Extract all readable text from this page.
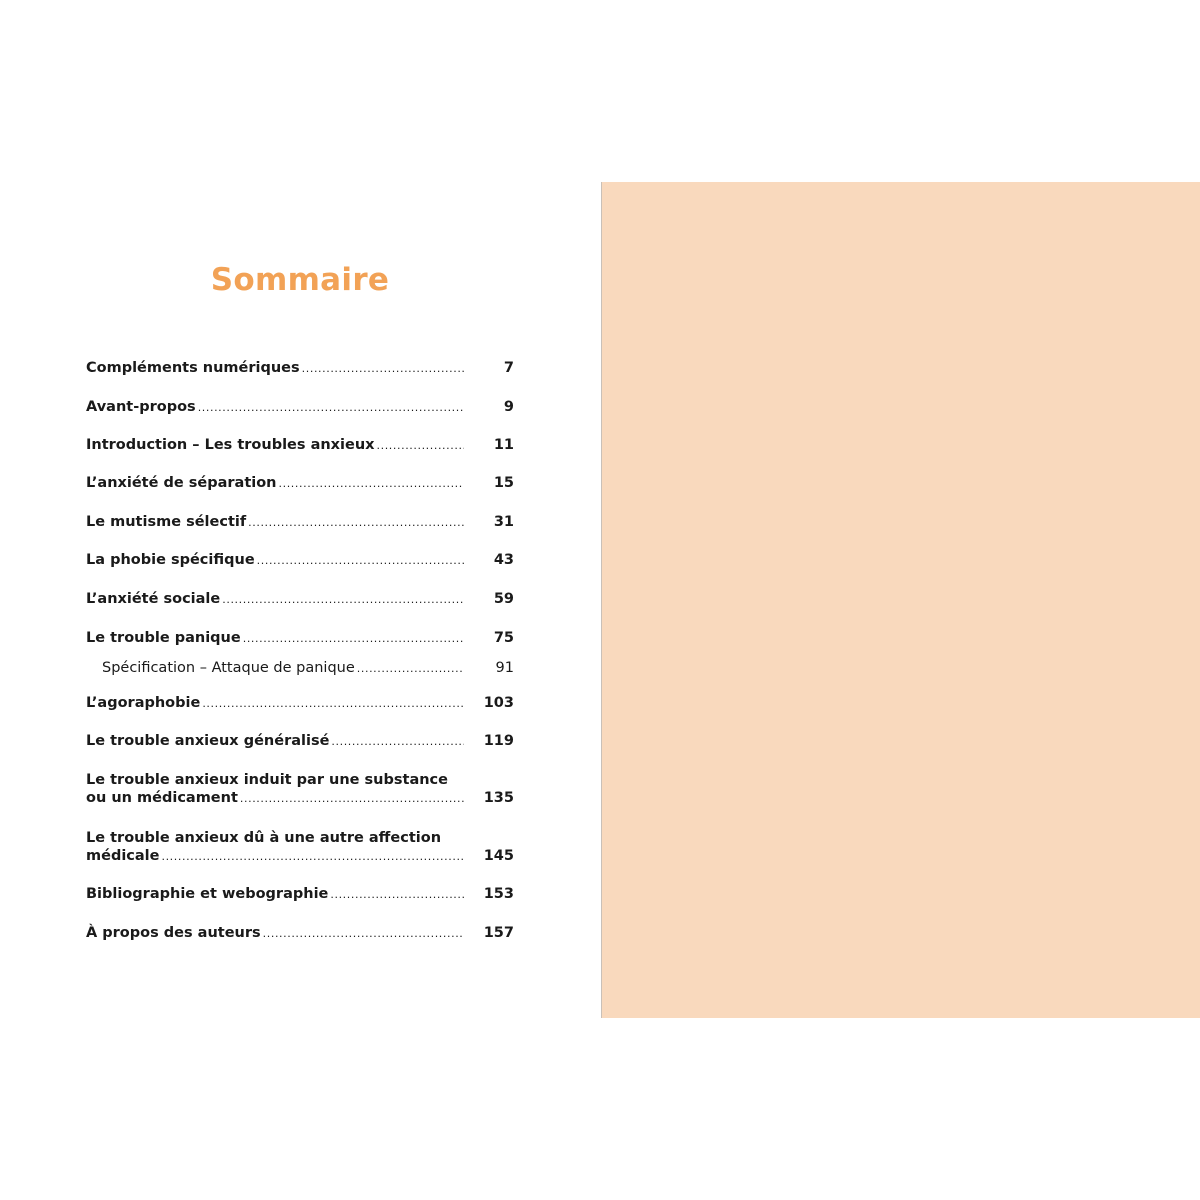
Sommaire
Compléments numériques .....	7
Avant-propos .....	9
Introduction – Les troubles anxieux .....	11
L’anxiété de séparation .....	15
Le mutisme sélectif .....	31
La phobie spécifique .....	43
L’anxiété sociale .....	59
Le trouble panique .....	75
Spécification – Attaque de panique .....	91
L’agoraphobie .....	103
Le trouble anxieux généralisé .....	119
Le trouble anxieux induit par une substance
ou un médicament .....	135
Le trouble anxieux dû à une autre affection
médicale .....	145
Bibliographie et webographie .....	153
À propos des auteurs .....	157
